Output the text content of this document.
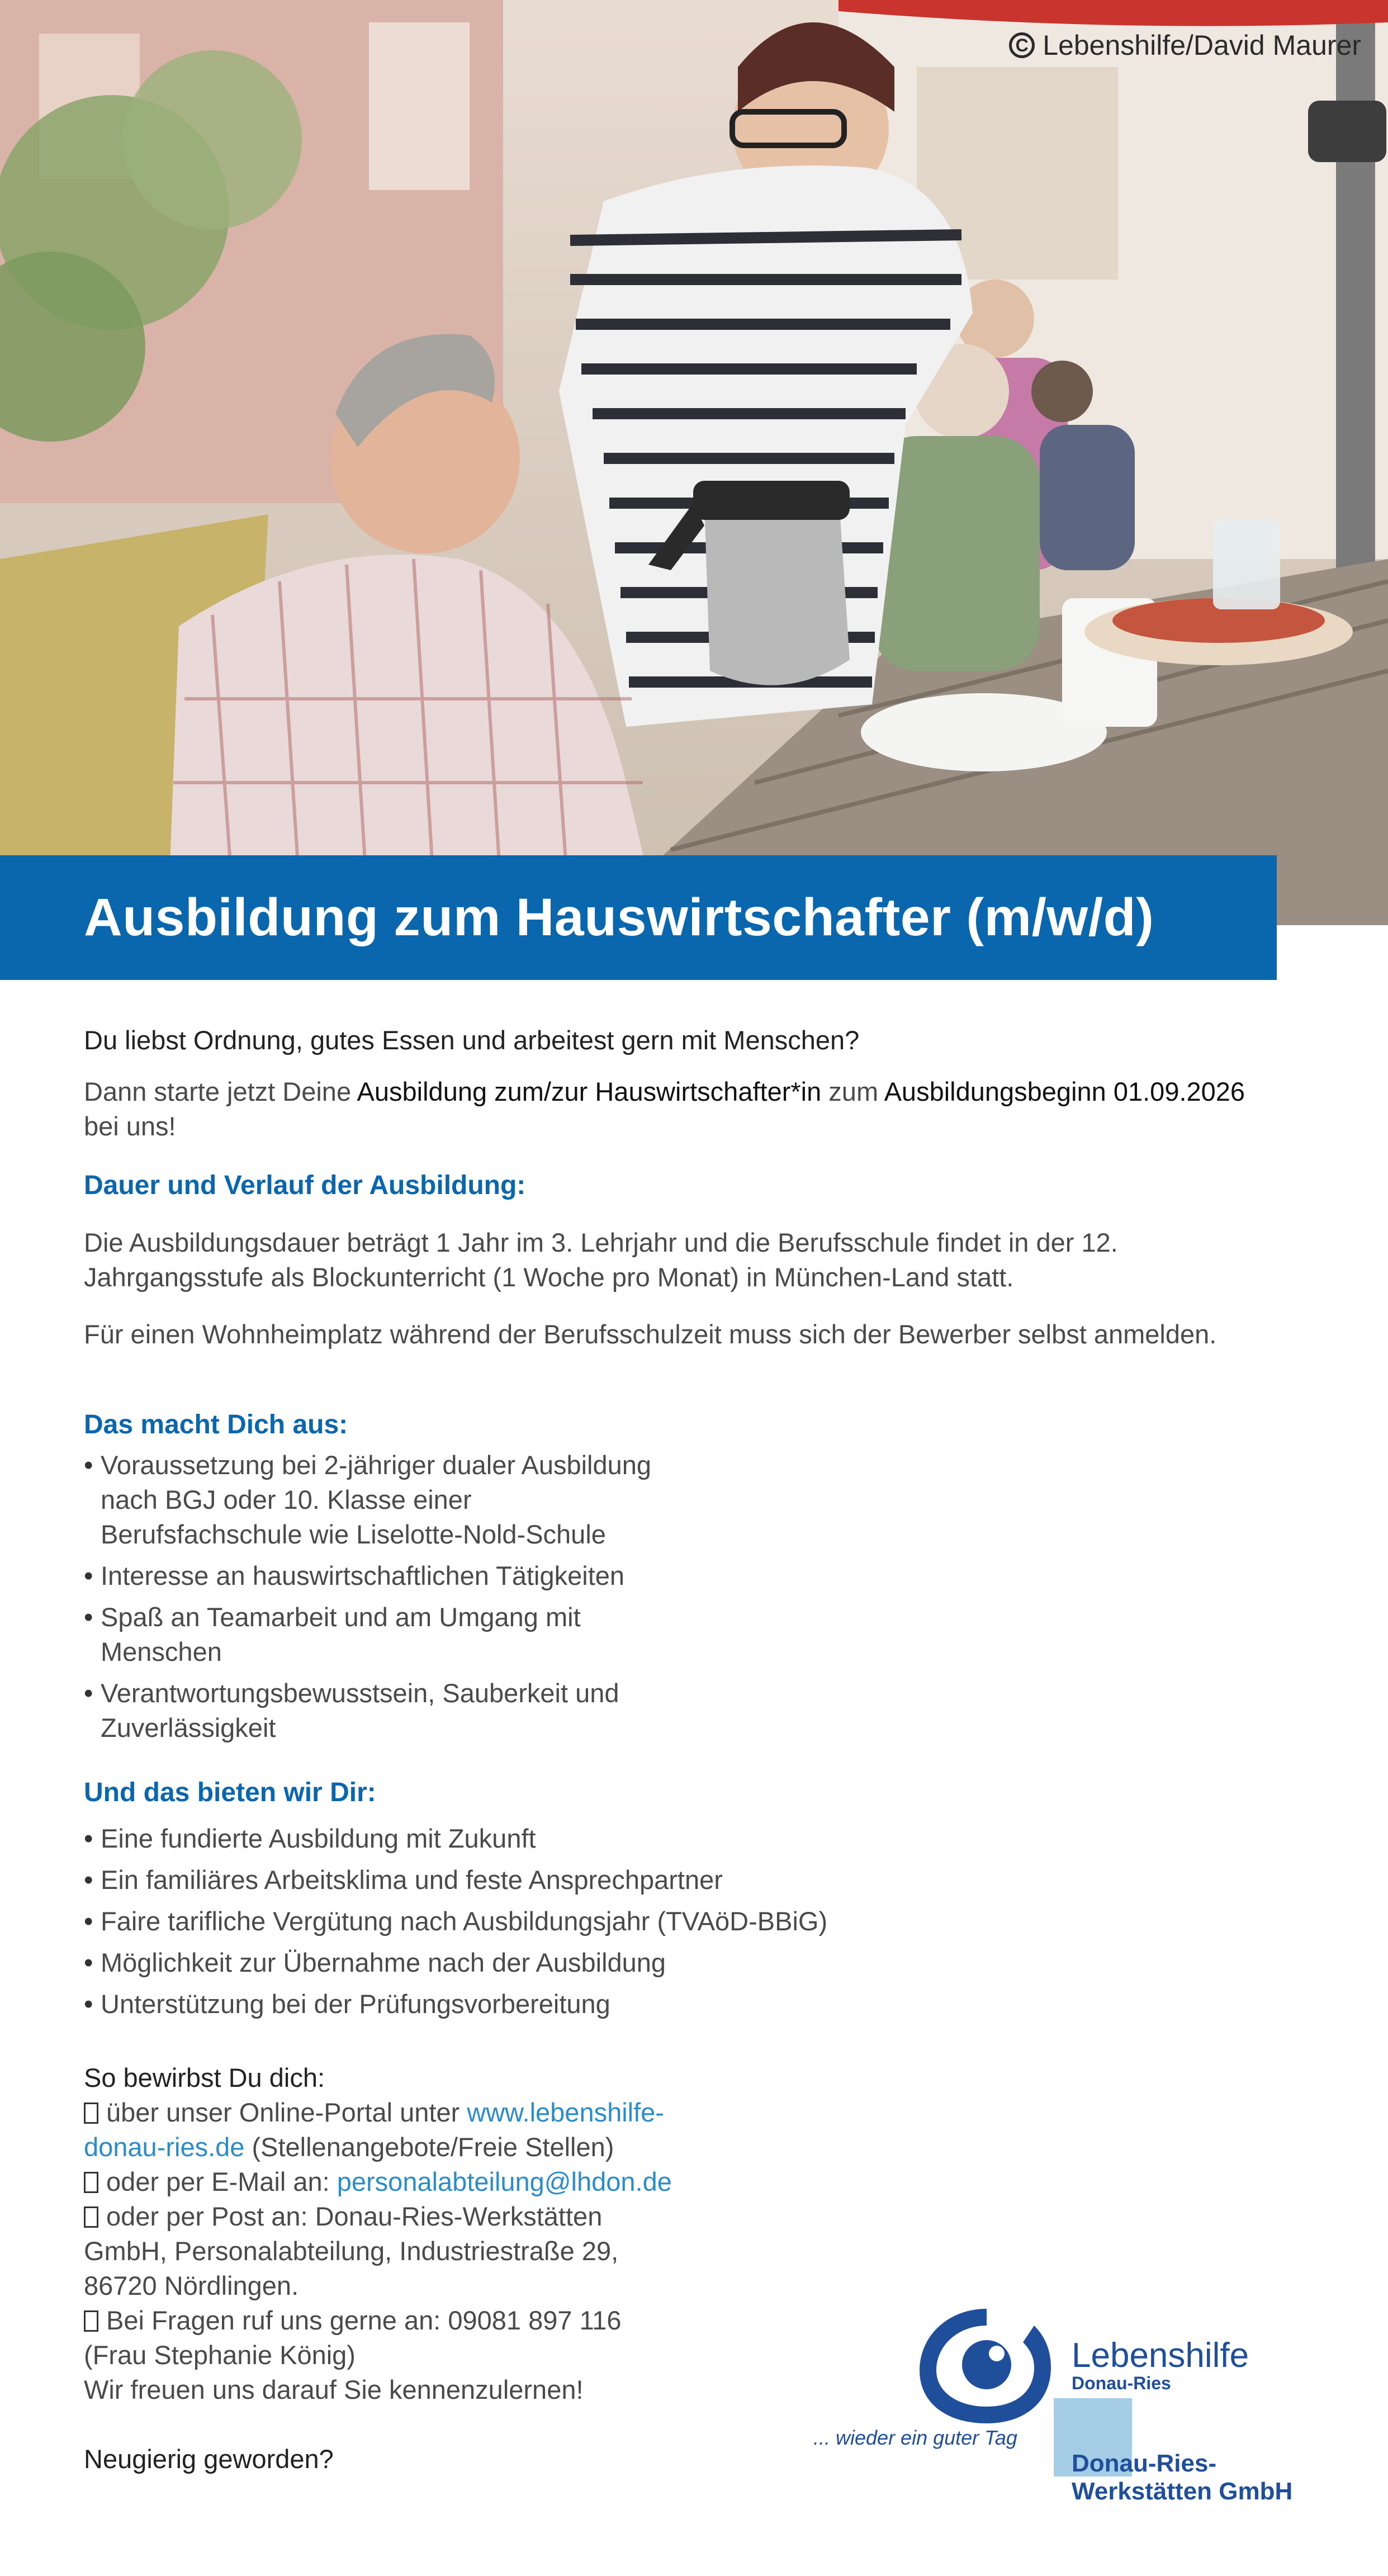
C Lebenshilfe/David Maurer
Ausbildung zum Hauswirtschafter (m/w/d)

Du liebst Ordnung, gutes Essen und arbeitest gern mit Menschen?

Dann starte jetzt Deine Ausbildung zum/zur Hauswirtschafter*in zum Ausbildungsbeginn 01.09.2026 bei uns!

Dauer und Verlauf der Ausbildung:

Die Ausbildungsdauer beträgt 1 Jahr im 3. Lehrjahr und die Berufsschule findet in der 12. Jahrgangsstufe als Blockunterricht (1 Woche pro Monat) in München-Land statt.

Für einen Wohnheimplatz während der Berufsschulzeit muss sich der Bewerber selbst anmelden.

Das macht Dich aus:
• Voraussetzung bei 2-jähriger dualer Ausbildung nach BGJ oder 10. Klasse einer Berufsfachschule wie Liselotte-Nold-Schule
• Interesse an hauswirtschaftlichen Tätigkeiten
• Spaß an Teamarbeit und am Umgang mit Menschen
• Verantwortungsbewusstsein, Sauberkeit und Zuverlässigkeit
Und das bieten wir Dir:
• Eine fundierte Ausbildung mit Zukunft
• Ein familiäres Arbeitsklima und feste Ansprechpartner
• Faire tarifliche Vergütung nach Ausbildungsjahr (TVAöD-BBiG)
• Möglichkeit zur Übernahme nach der Ausbildung
• Unterstützung bei der Prüfungsvorbereitung

So bewirbst Du dich:

über unser Online-Portal unter www.lebenshilfe-donau-ries.de (Stellenangebote/Freie Stellen)

oder per E-Mail an: personalabteilung@lhdon.de

oder per Post an: Donau-Ries-Werkstätten GmbH, Personalabteilung, Industriestraße 29, 86720 Nördlingen.

Bei Fragen ruf uns gerne an: 09081 897 116 (Frau Stephanie König)

Wir freuen uns darauf Sie kennenzulernen!

Neugierig geworden?

Lebenshilfe
Donau-Ries
... wieder ein guter Tag
Donau-Ries-
Werkstätten GmbH
